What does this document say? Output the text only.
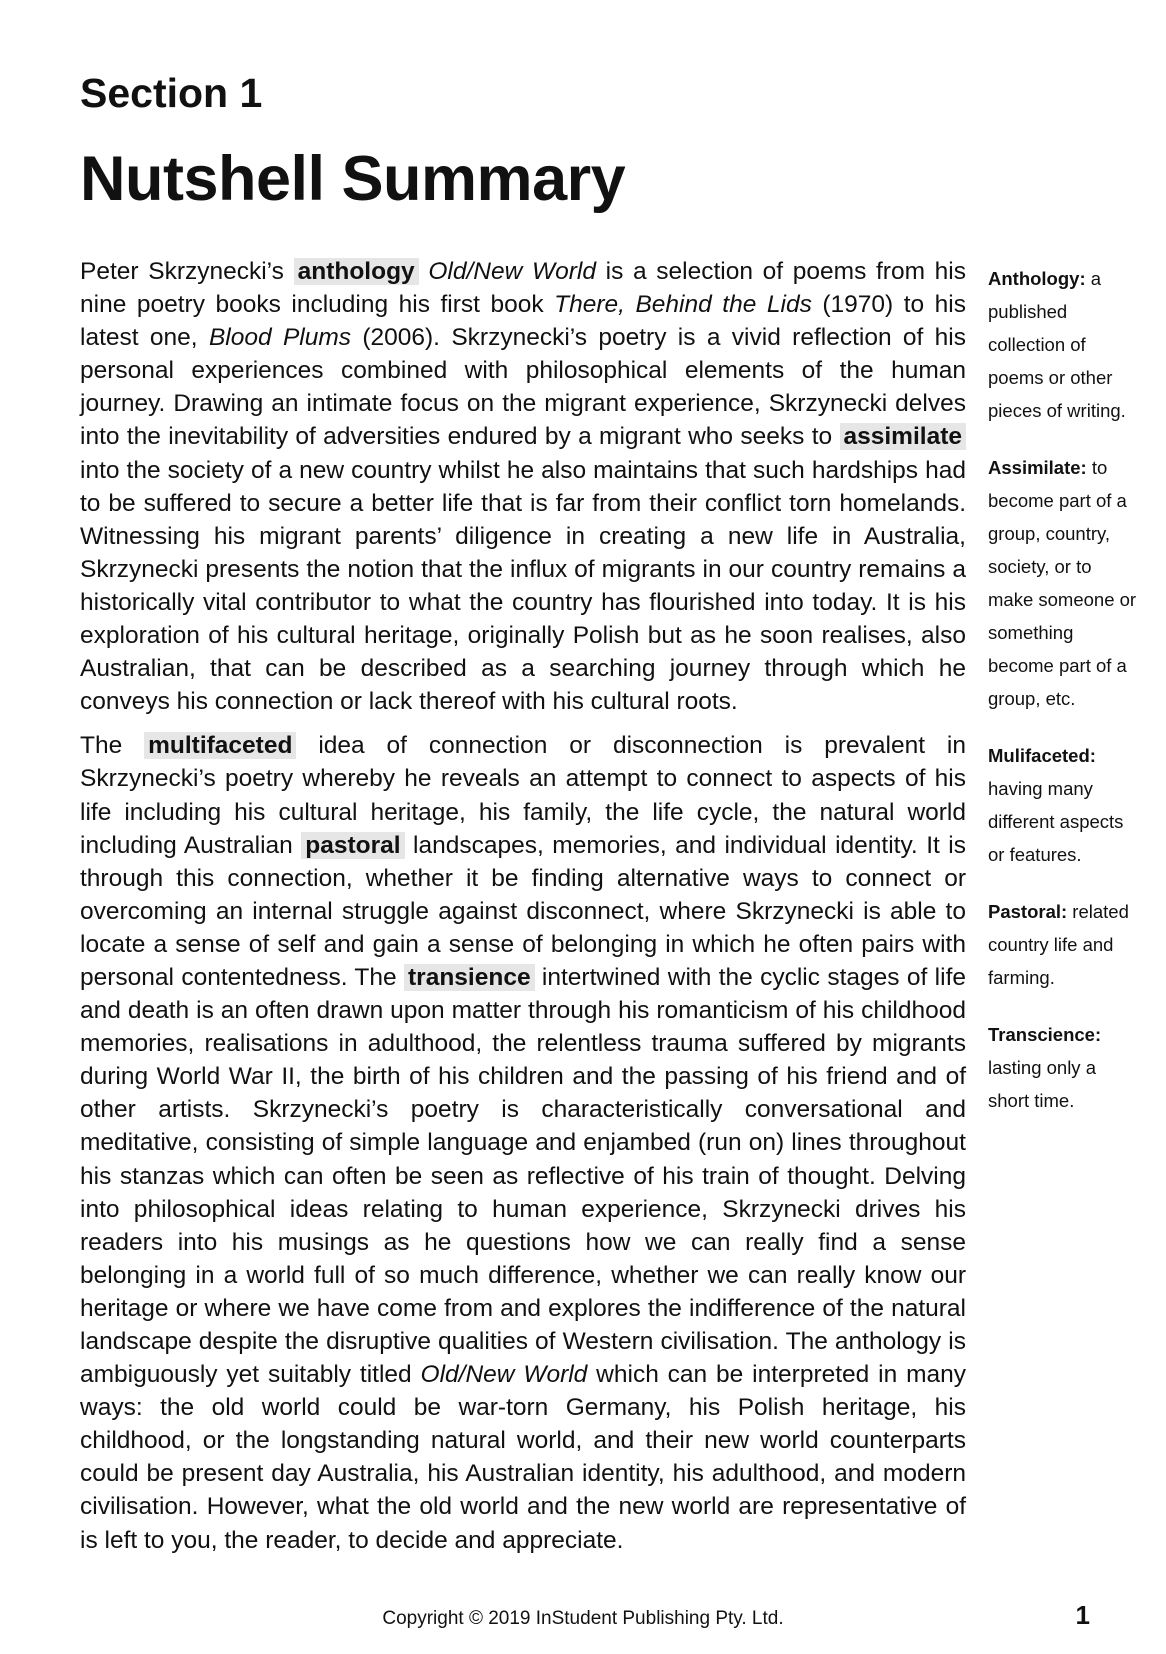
Section 1
Nutshell Summary

Peter Skrzynecki’s anthology Old/New World is a selection of poems from his nine poetry books including his first book There, Behind the Lids (1970) to his latest one, Blood Plums (2006). Skrzynecki’s poetry is a vivid reflection of his personal experiences combined with philosophical elements of the human journey. Drawing an intimate focus on the migrant experience, Skrzynecki delves into the inevitability of adversities endured by a migrant who seeks to assimilate into the society of a new country whilst he also maintains that such hardships had to be suffered to secure a better life that is far from their conflict torn homelands. Witnessing his migrant parents’ diligence in creating a new life in Australia, Skrzynecki presents the notion that the influx of migrants in our country remains a historically vital contributor to what the country has flourished into today. It is his exploration of his cultural heritage, originally Polish but as he soon realises, also Australian, that can be described as a searching journey through which he conveys his connection or lack thereof with his cultural roots.

The multifaceted idea of connection or disconnection is prevalent in Skrzynecki’s poetry whereby he reveals an attempt to connect to aspects of his life including his cultural heritage, his family, the life cycle, the natural world including Australian pastoral landscapes, memories, and individual identity. It is through this connection, whether it be finding alternative ways to connect or overcoming an internal struggle against disconnect, where Skrzynecki is able to locate a sense of self and gain a sense of belonging in which he often pairs with personal contentedness. The transience intertwined with the cyclic stages of life and death is an often drawn upon matter through his romanticism of his childhood memories, realisations in adulthood, the relentless trauma suffered by migrants during World War II, the birth of his children and the passing of his friend and of other artists. Skrzynecki’s poetry is characteristically conversational and meditative, consisting of simple language and enjambed (run on) lines throughout his stanzas which can often be seen as reflective of his train of thought. Delving into philosophical ideas relating to human experience, Skrzynecki drives his readers into his musings as he questions how we can really find a sense belonging in a world full of so much difference, whether we can really know our heritage or where we have come from and explores the indifference of the natural landscape despite the disruptive qualities of Western civilisation. The anthology is ambiguously yet suitably titled Old/New World which can be interpreted in many ways: the old world could be war-torn Germany, his Polish heritage, his childhood, or the longstanding natural world, and their new world counterparts could be present day Australia, his Australian identity, his adulthood, and modern civilisation. However, what the old world and the new world are representative of is left to you, the reader, to decide and appreciate.

Anthology: a published collection of poems or other pieces of writing.
Assimilate: to become part of a group, country, society, or to make someone or something become part of a group, etc.
Mulifaceted: having many different aspects or features.
Pastoral: related country life and farming.
Transcience: lasting only a short time.
Copyright © 2019 InStudent Publishing Pty. Ltd.	1
